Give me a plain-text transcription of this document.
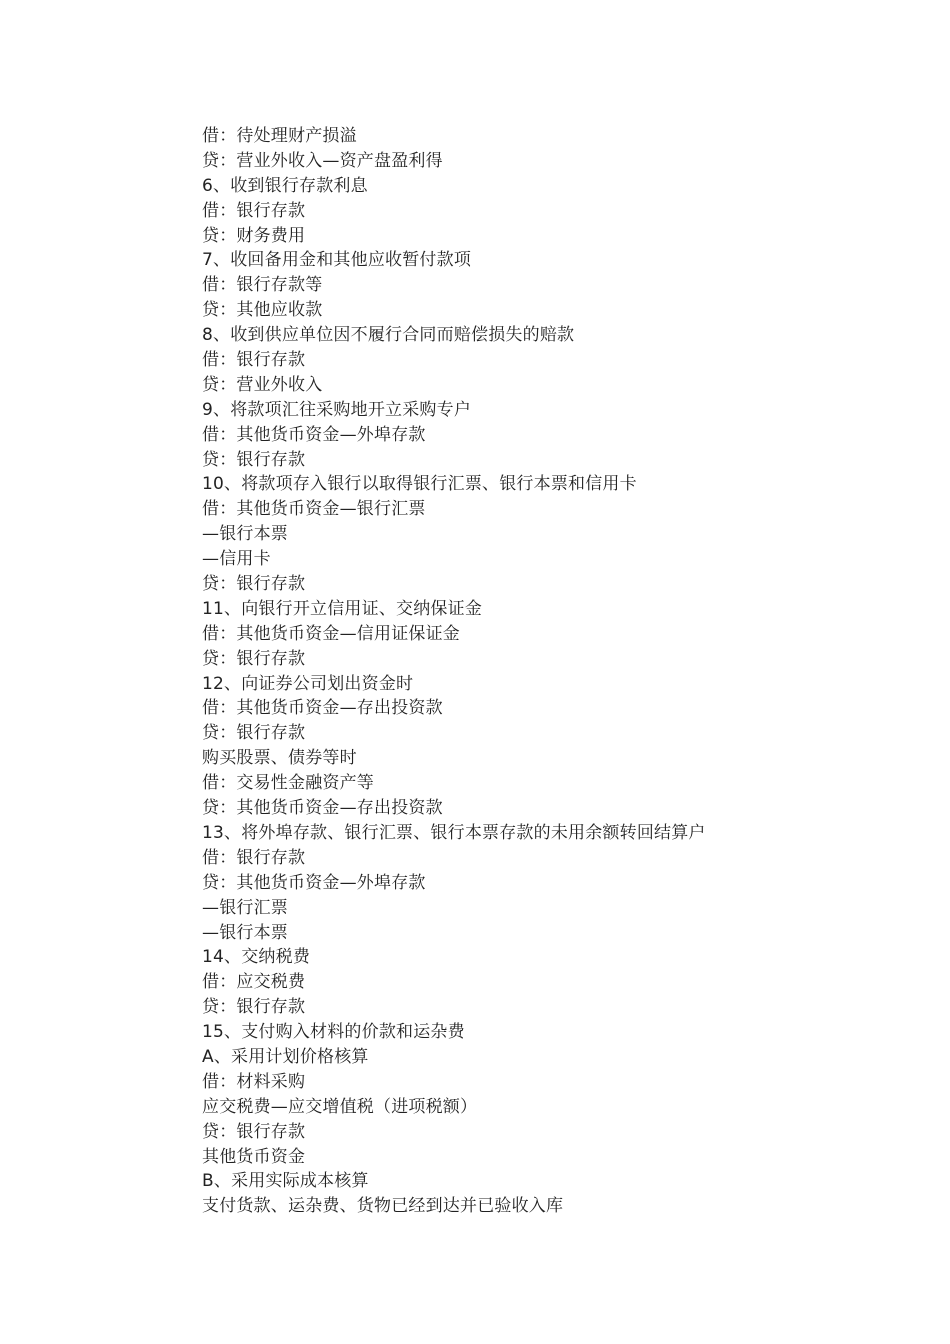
借：待处理财产损溢
贷：营业外收入—资产盘盈利得
6、收到银行存款利息
借：银行存款
贷：财务费用
7、收回备用金和其他应收暂付款项
借：银行存款等
贷：其他应收款
8、收到供应单位因不履行合同而赔偿损失的赔款
借：银行存款
贷：营业外收入
9、将款项汇往采购地开立采购专户
借：其他货币资金—外埠存款
贷：银行存款
10、将款项存入银行以取得银行汇票、银行本票和信用卡
借：其他货币资金—银行汇票
—银行本票
—信用卡
贷：银行存款
11、向银行开立信用证、交纳保证金
借：其他货币资金—信用证保证金
贷：银行存款
12、向证券公司划出资金时
借：其他货币资金—存出投资款
贷：银行存款
购买股票、债券等时
借：交易性金融资产等
贷：其他货币资金—存出投资款
13、将外埠存款、银行汇票、银行本票存款的未用余额转回结算户
借：银行存款
贷：其他货币资金—外埠存款
—银行汇票
—银行本票
14、交纳税费
借：应交税费
贷：银行存款
15、支付购入材料的价款和运杂费
A、采用计划价格核算
借：材料采购
应交税费—应交增值税（进项税额）
贷：银行存款
其他货币资金
B、采用实际成本核算
支付货款、运杂费、货物已经到达并已验收入库
